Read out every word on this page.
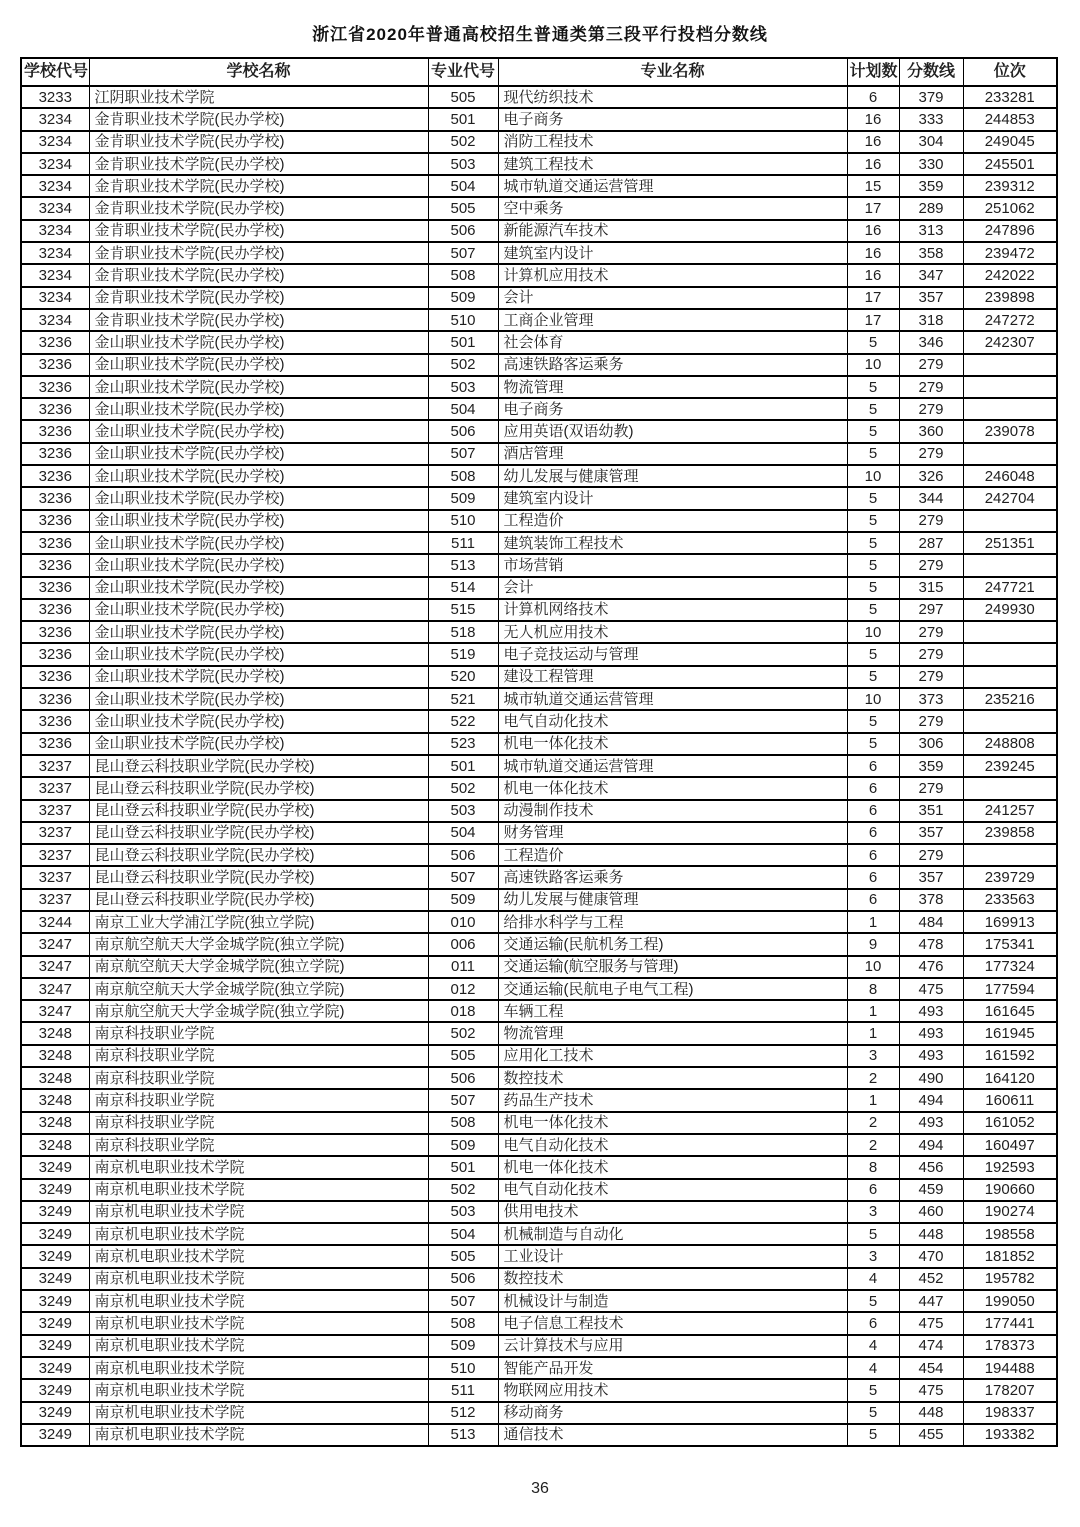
浙江省2020年普通高校招生普通类第三段平行投档分数线
学校代号	学校名称	专业代号	专业名称	计划数	分数线	位次
3233	江阴职业技术学院	505	现代纺织技术	6	379	233281
3234	金肯职业技术学院(民办学校)	501	电子商务	16	333	244853
3234	金肯职业技术学院(民办学校)	502	消防工程技术	16	304	249045
3234	金肯职业技术学院(民办学校)	503	建筑工程技术	16	330	245501
3234	金肯职业技术学院(民办学校)	504	城市轨道交通运营管理	15	359	239312
3234	金肯职业技术学院(民办学校)	505	空中乘务	17	289	251062
3234	金肯职业技术学院(民办学校)	506	新能源汽车技术	16	313	247896
3234	金肯职业技术学院(民办学校)	507	建筑室内设计	16	358	239472
3234	金肯职业技术学院(民办学校)	508	计算机应用技术	16	347	242022
3234	金肯职业技术学院(民办学校)	509	会计	17	357	239898
3234	金肯职业技术学院(民办学校)	510	工商企业管理	17	318	247272
3236	金山职业技术学院(民办学校)	501	社会体育	5	346	242307
3236	金山职业技术学院(民办学校)	502	高速铁路客运乘务	10	279	
3236	金山职业技术学院(民办学校)	503	物流管理	5	279	
3236	金山职业技术学院(民办学校)	504	电子商务	5	279	
3236	金山职业技术学院(民办学校)	506	应用英语(双语幼教)	5	360	239078
3236	金山职业技术学院(民办学校)	507	酒店管理	5	279	
3236	金山职业技术学院(民办学校)	508	幼儿发展与健康管理	10	326	246048
3236	金山职业技术学院(民办学校)	509	建筑室内设计	5	344	242704
3236	金山职业技术学院(民办学校)	510	工程造价	5	279	
3236	金山职业技术学院(民办学校)	511	建筑装饰工程技术	5	287	251351
3236	金山职业技术学院(民办学校)	513	市场营销	5	279	
3236	金山职业技术学院(民办学校)	514	会计	5	315	247721
3236	金山职业技术学院(民办学校)	515	计算机网络技术	5	297	249930
3236	金山职业技术学院(民办学校)	518	无人机应用技术	10	279	
3236	金山职业技术学院(民办学校)	519	电子竞技运动与管理	5	279	
3236	金山职业技术学院(民办学校)	520	建设工程管理	5	279	
3236	金山职业技术学院(民办学校)	521	城市轨道交通运营管理	10	373	235216
3236	金山职业技术学院(民办学校)	522	电气自动化技术	5	279	
3236	金山职业技术学院(民办学校)	523	机电一体化技术	5	306	248808
3237	昆山登云科技职业学院(民办学校)	501	城市轨道交通运营管理	6	359	239245
3237	昆山登云科技职业学院(民办学校)	502	机电一体化技术	6	279	
3237	昆山登云科技职业学院(民办学校)	503	动漫制作技术	6	351	241257
3237	昆山登云科技职业学院(民办学校)	504	财务管理	6	357	239858
3237	昆山登云科技职业学院(民办学校)	506	工程造价	6	279	
3237	昆山登云科技职业学院(民办学校)	507	高速铁路客运乘务	6	357	239729
3237	昆山登云科技职业学院(民办学校)	509	幼儿发展与健康管理	6	378	233563
3244	南京工业大学浦江学院(独立学院)	010	给排水科学与工程	1	484	169913
3247	南京航空航天大学金城学院(独立学院)	006	交通运输(民航机务工程)	9	478	175341
3247	南京航空航天大学金城学院(独立学院)	011	交通运输(航空服务与管理)	10	476	177324
3247	南京航空航天大学金城学院(独立学院)	012	交通运输(民航电子电气工程)	8	475	177594
3247	南京航空航天大学金城学院(独立学院)	018	车辆工程	1	493	161645
3248	南京科技职业学院	502	物流管理	1	493	161945
3248	南京科技职业学院	505	应用化工技术	3	493	161592
3248	南京科技职业学院	506	数控技术	2	490	164120
3248	南京科技职业学院	507	药品生产技术	1	494	160611
3248	南京科技职业学院	508	机电一体化技术	2	493	161052
3248	南京科技职业学院	509	电气自动化技术	2	494	160497
3249	南京机电职业技术学院	501	机电一体化技术	8	456	192593
3249	南京机电职业技术学院	502	电气自动化技术	6	459	190660
3249	南京机电职业技术学院	503	供用电技术	3	460	190274
3249	南京机电职业技术学院	504	机械制造与自动化	5	448	198558
3249	南京机电职业技术学院	505	工业设计	3	470	181852
3249	南京机电职业技术学院	506	数控技术	4	452	195782
3249	南京机电职业技术学院	507	机械设计与制造	5	447	199050
3249	南京机电职业技术学院	508	电子信息工程技术	6	475	177441
3249	南京机电职业技术学院	509	云计算技术与应用	4	474	178373
3249	南京机电职业技术学院	510	智能产品开发	4	454	194488
3249	南京机电职业技术学院	511	物联网应用技术	5	475	178207
3249	南京机电职业技术学院	512	移动商务	5	448	198337
3249	南京机电职业技术学院	513	通信技术	5	455	193382
36
